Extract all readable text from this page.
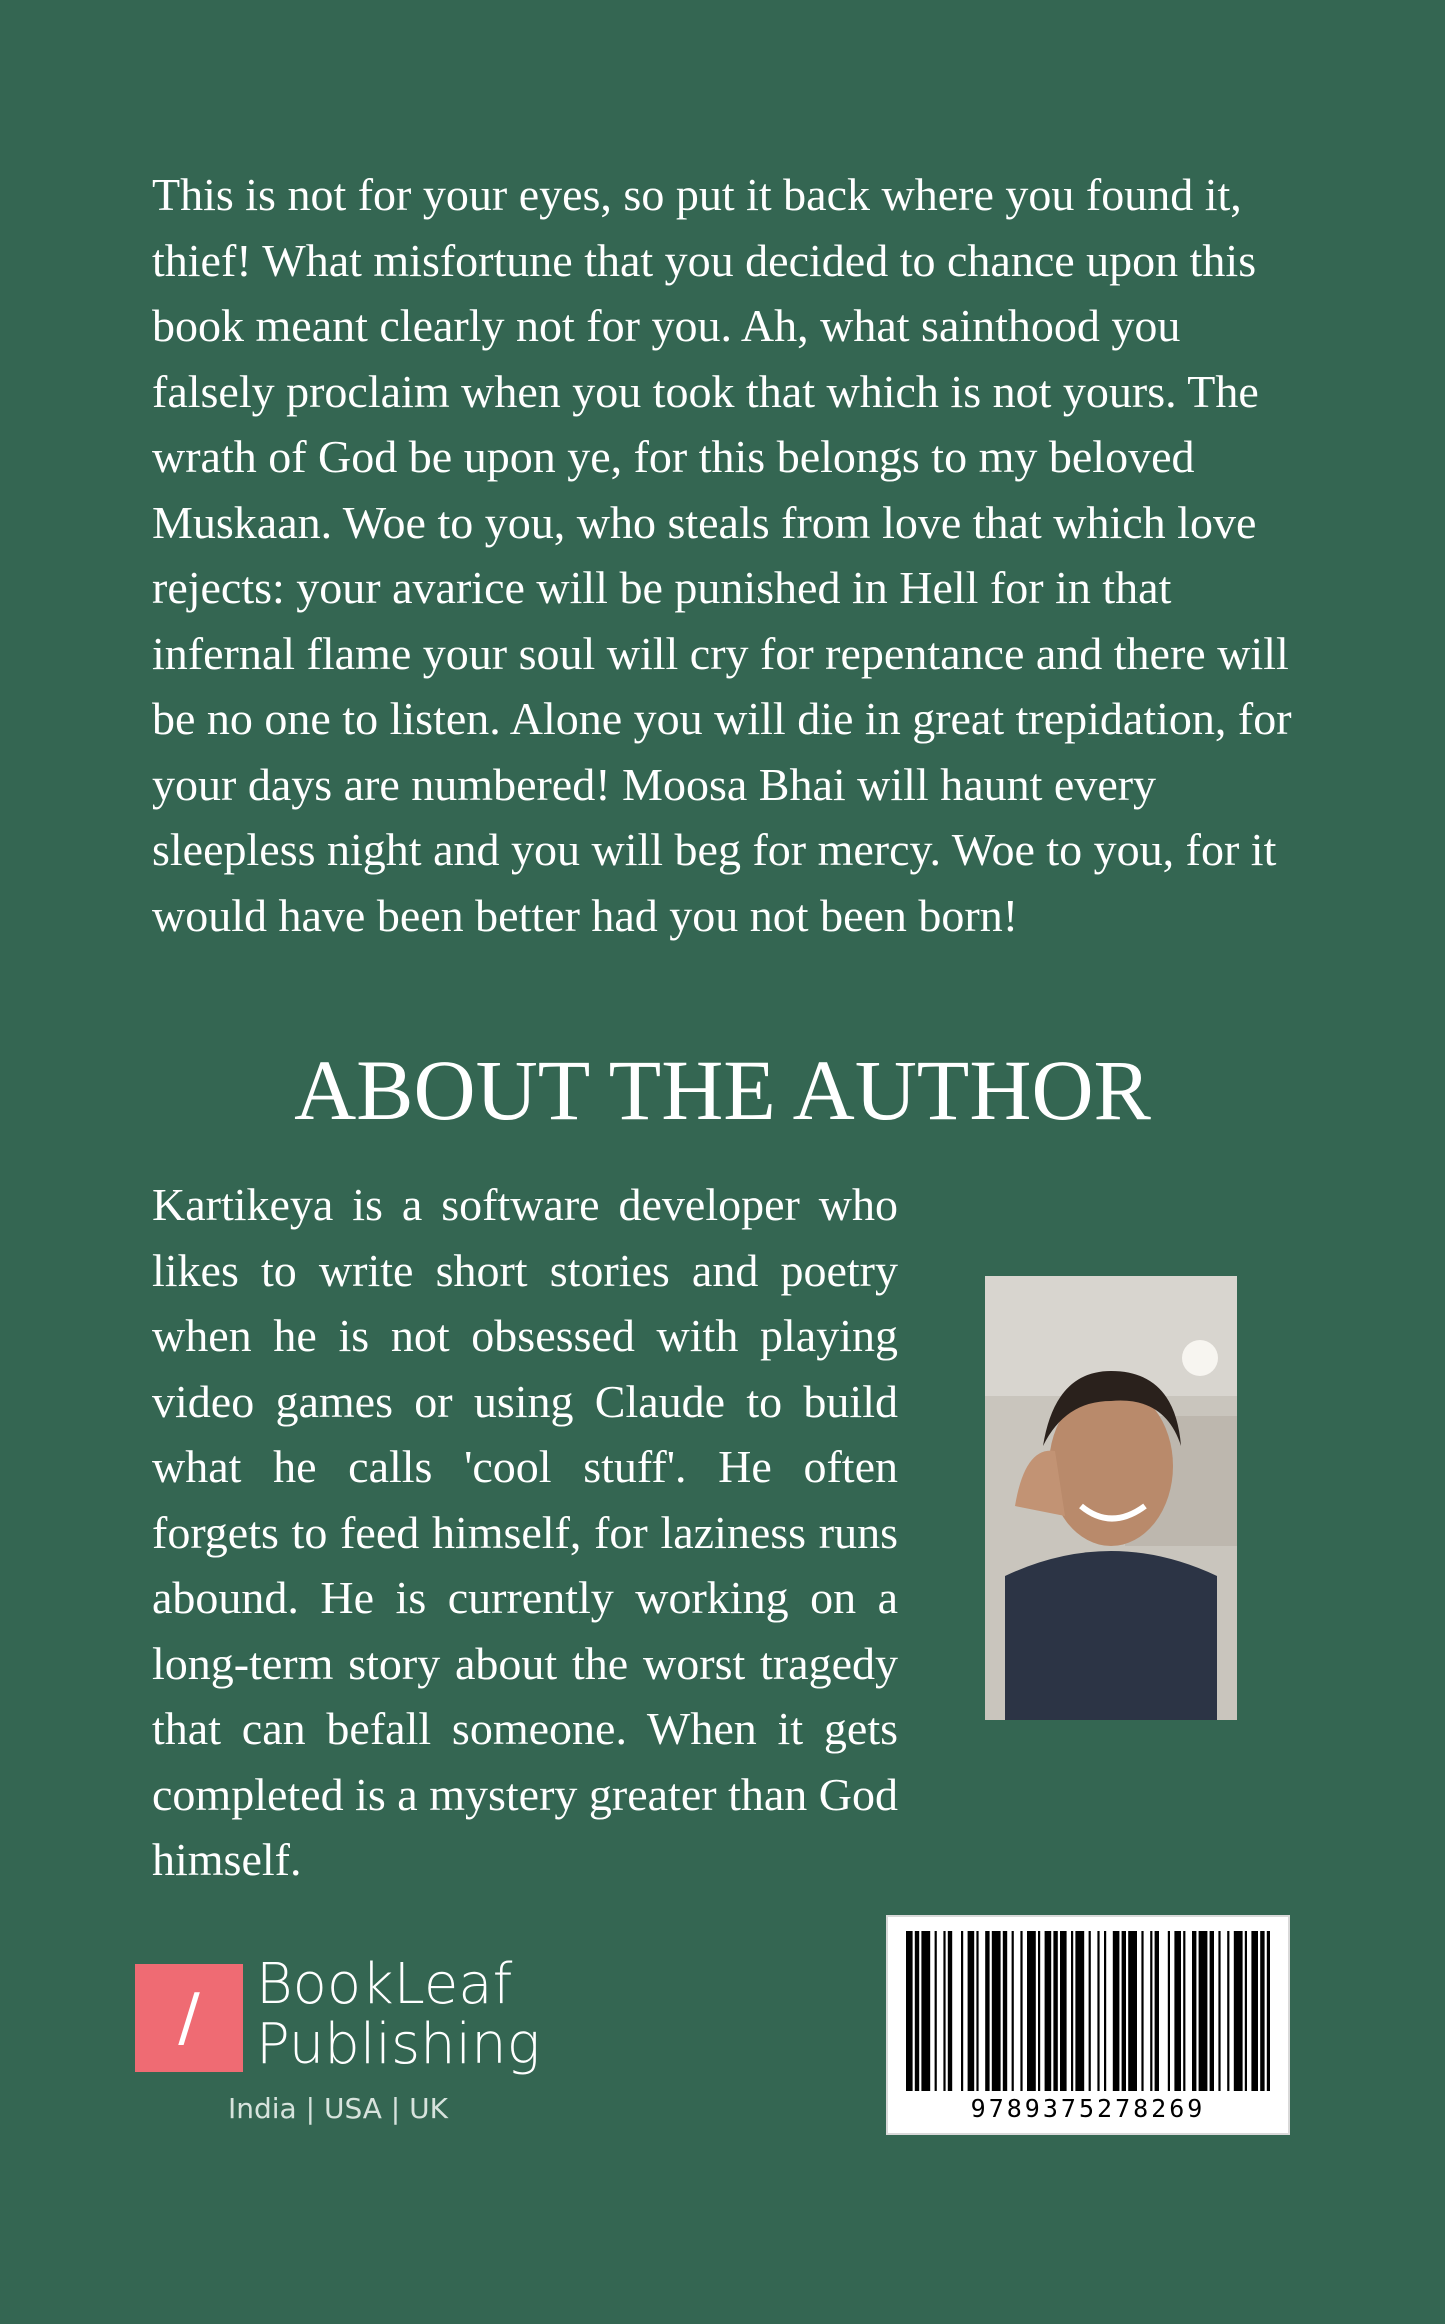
This is not for your eyes, so put it back where you found it, thief! What misfortune that you decided to chance upon this book meant clearly not for you. Ah, what sainthood you falsely proclaim when you took that which is not yours. The wrath of God be upon ye, for this belongs to my beloved Muskaan. Woe to you, who steals from love that which love rejects: your avarice will be punished in Hell for in that infernal flame your soul will cry for repentance and there will be no one to listen. Alone you will die in great trepidation, for your days are numbered! Moosa Bhai will haunt every sleepless night and you will beg for mercy. Woe to you, for it would have been better had you not been born!
ABOUT THE AUTHOR
Kartikeya is a software developer who likes to write short stories and poetry when he is not obsessed with playing video games or using Claude to build what he calls 'cool stuff'. He often forgets to feed himself, for laziness runs abound. He is currently working on a long-term story about the worst tragedy that can befall someone. When it gets completed is a mystery greater than God himself.
9789375278269
/	BookLeaf
Publishing
India | USA | UK
